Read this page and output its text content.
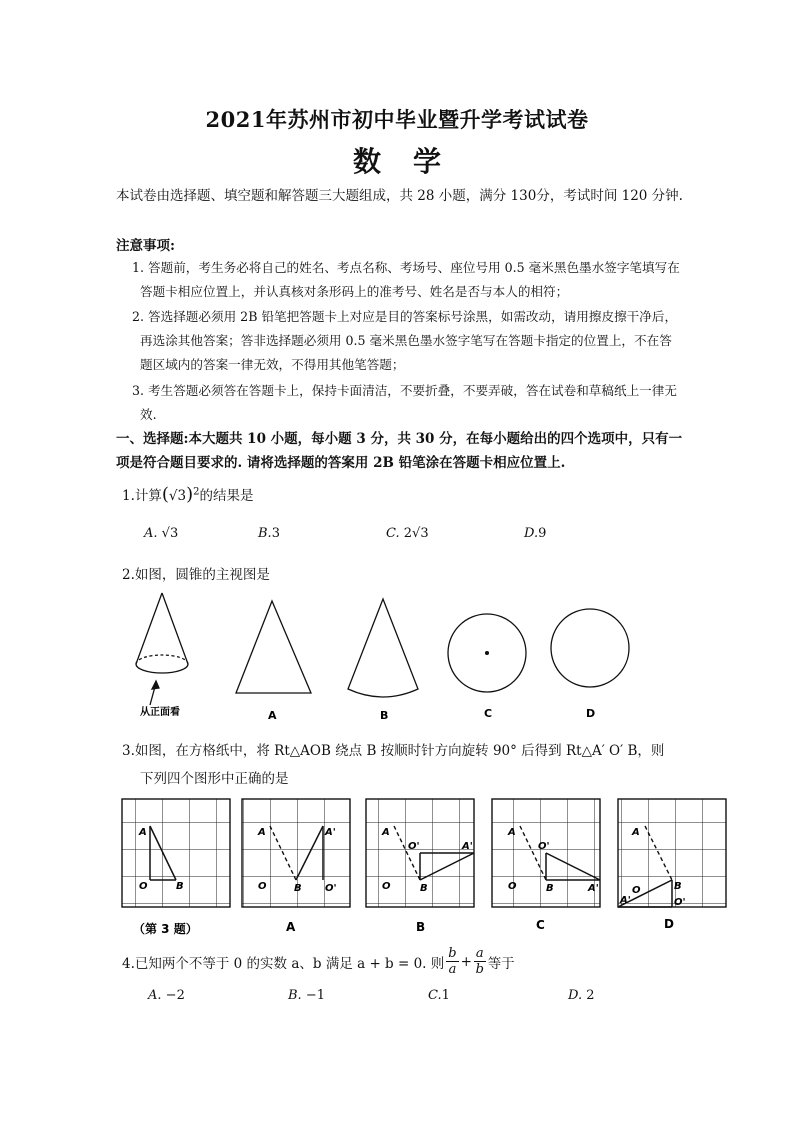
2021年苏州市初中毕业暨升学考试试卷
数学
本试卷由选择题、填空题和解答题三大题组成，共 28 小题，满分 130分，考试时间 120 分钟.
注意事项:
1. 答题前，考生务必将自己的姓名、考点名称、考场号、座位号用 0.5 毫米黑色墨水签字笔填写在答题卡相应位置上，并认真核对条形码上的准考号、姓名是否与本人的相符；
2. 答选择题必须用 2B 铅笔把答题卡上对应是目的答案标号涂黑，如需改动，请用擦皮擦干净后，再选涂其他答案；答非选择题必须用 0.5 毫米黑色墨水签字笔写在答题卡指定的位置上，不在答题区域内的答案一律无效，不得用其他笔答题；
3. 考生答题必须答在答题卡上，保持卡面清洁，不要折叠，不要弄破，答在试卷和草稿纸上一律无效.
一、选择题:本大题共 10 小题，每小题 3 分，共 30 分，在每小题给出的四个选项中，只有一项是符合题目要求的. 请将选择题的答案用 2B 铅笔涂在答题卡相应位置上.
1.计算$(√3)^2$的结果是
A. √3	B.3	C. 2√3	D.9
2.如图，圆锥的主视图是
从正面看	A	B	C	D
3.如图，在方格纸中，将 Rt△AOB 绕点 B 按顺时针方向旋转 90° 后得到 Rt△A′ O′ B，则
下列四个图形中正确的是
A
O	B
A	A'
O	B O'
A
O'	A'
O	B
A
O'
O	B	A'
A
O	B
A'	O'
（第 3 题）	A	B	C	D
4.已知两个不等于 0 的实数 a、b 满足 a + b = 0. 则
b
$a + \frac{a}{b}$ 等于
A. −2	B. −1	C.1	D. 2
